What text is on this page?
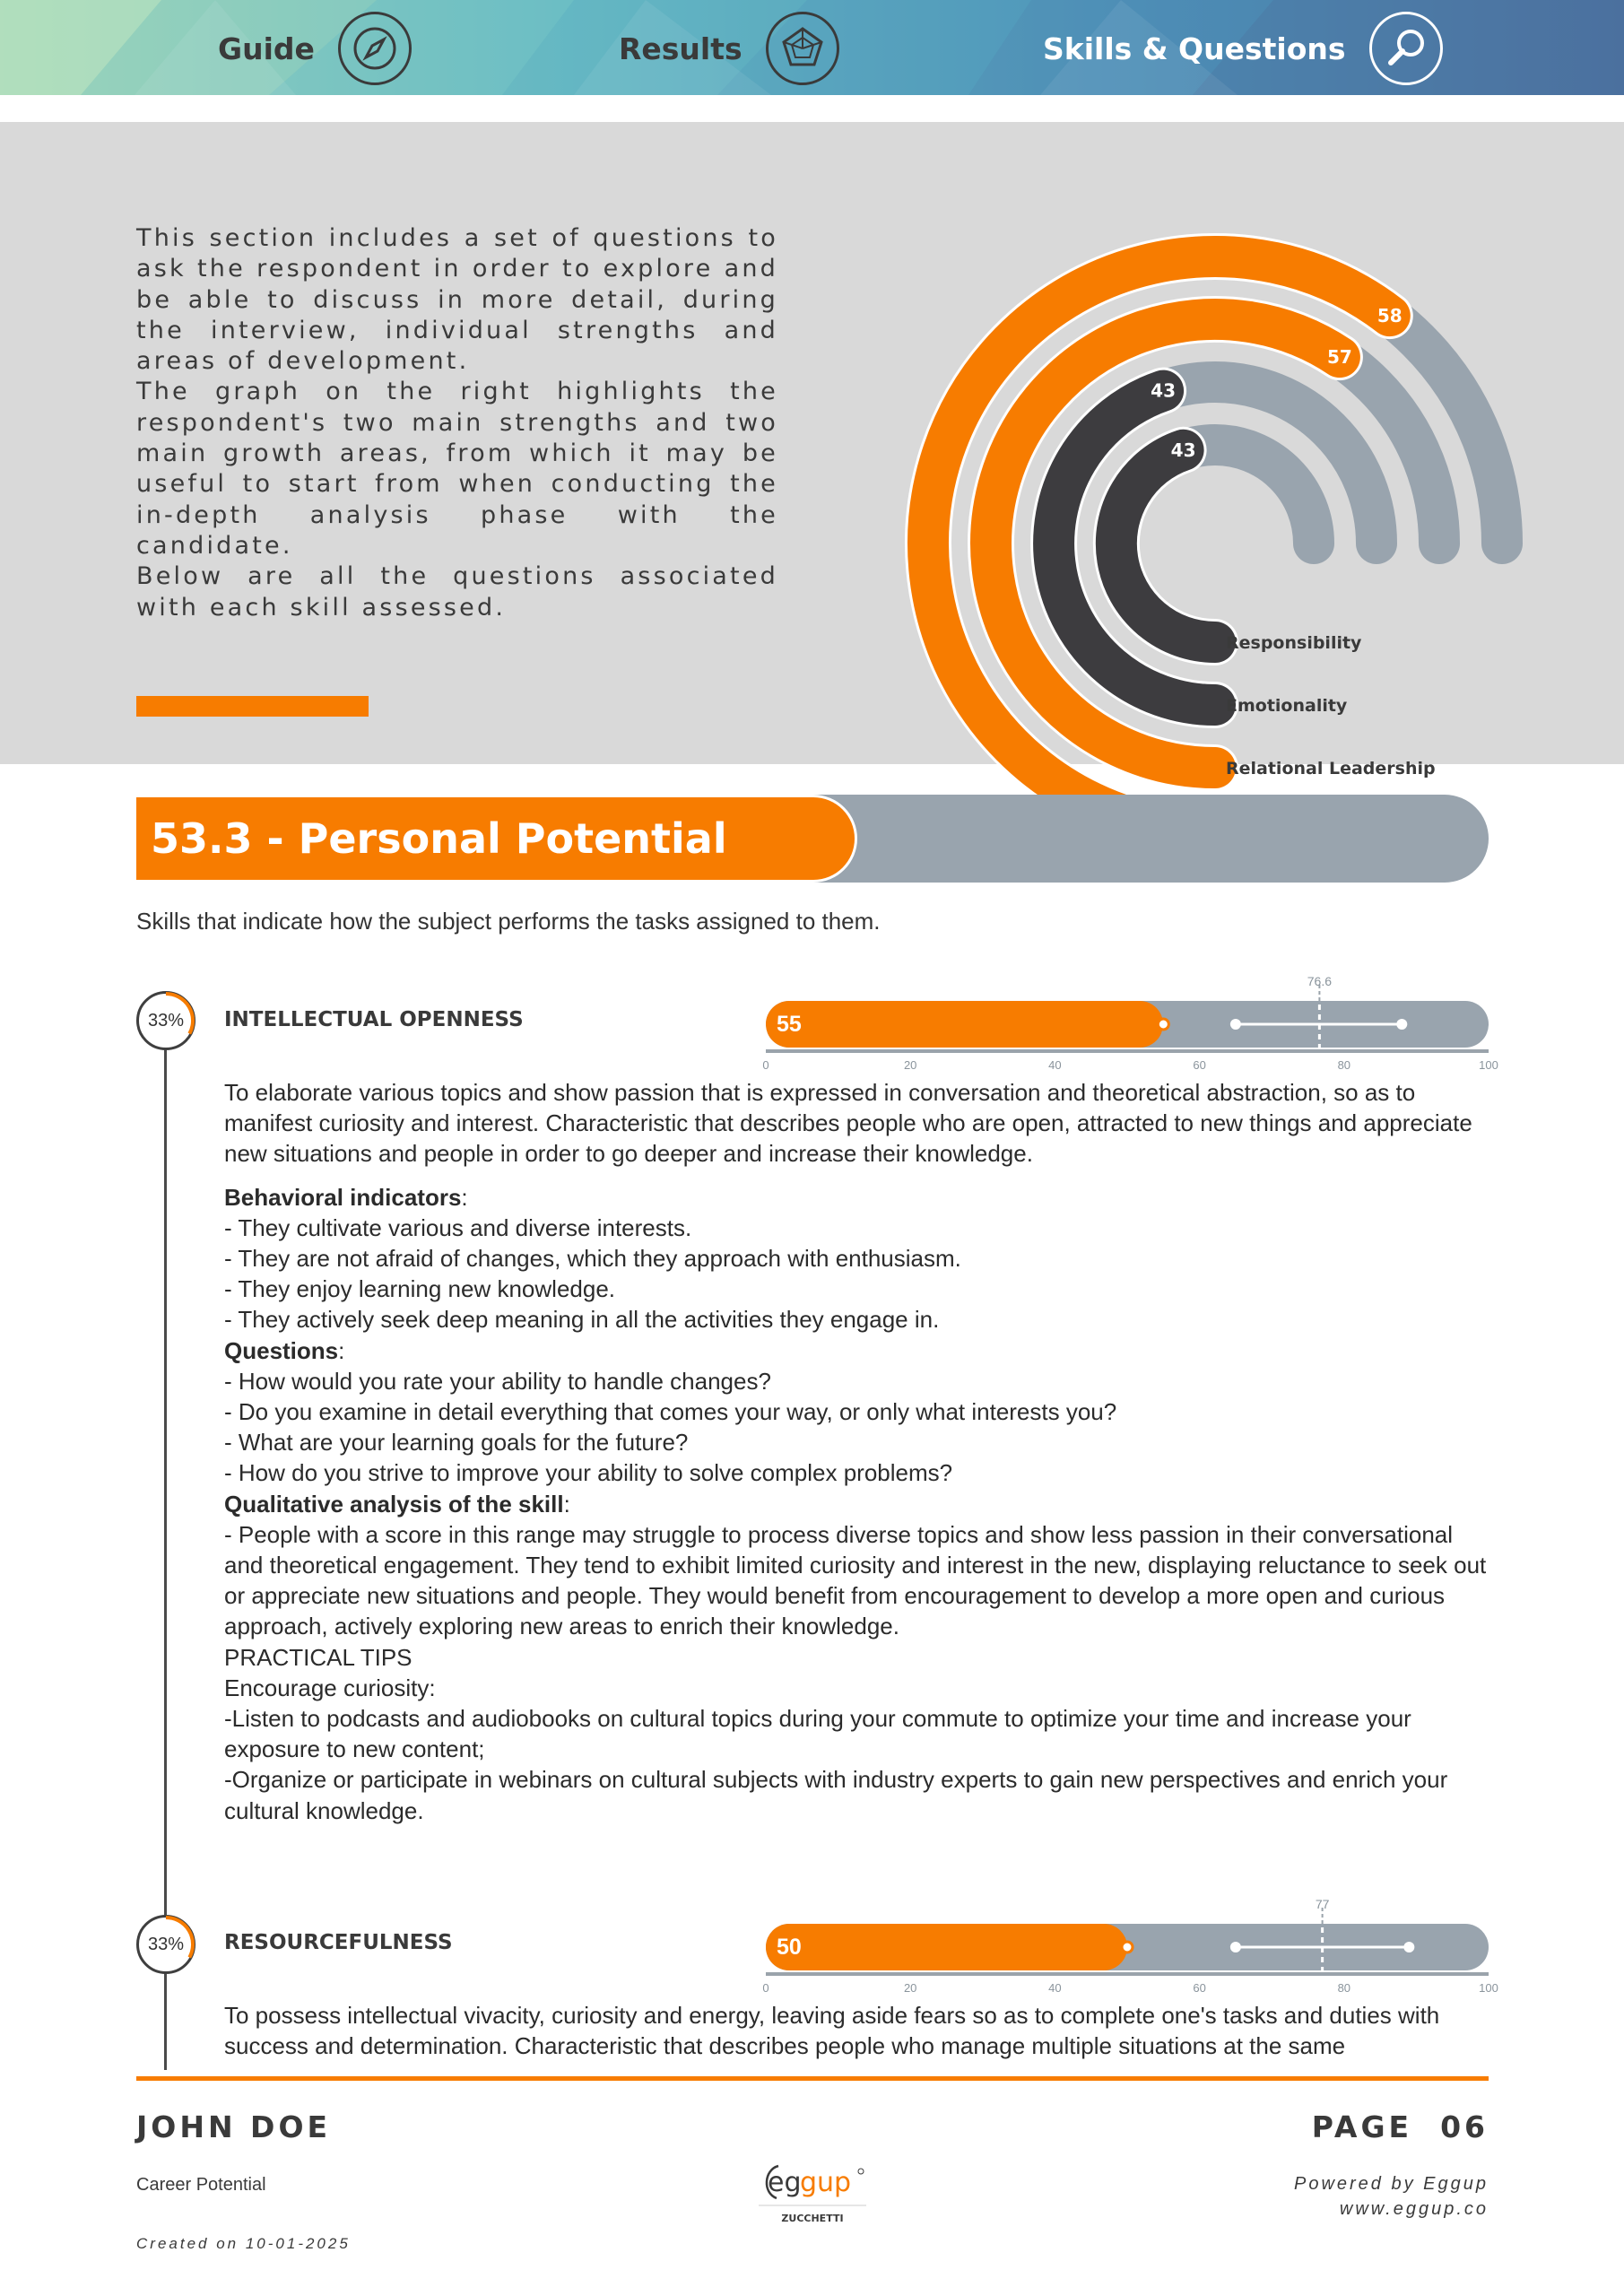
Guide	Results	Skills & Questions

This section includes a set of questions to ask the respondent in order to explore and be able to discuss in more detail, during the interview, individual strengths and areas of development.

The graph on the right highlights the respondent's two main strengths and two main growth areas, from which it may be useful to start from when conducting the in-depth analysis phase with the candidate.

Below are all the questions associated with each skill assessed.

58
57
Relational Leadership
43
Emotionality
43
Responsibility
53.3 - Personal Potential
Skills that indicate how the subject performs the tasks assigned to them.
33% INTELLECTUAL OPENNESS	55
0	20	40	60	80	100
76.6

To elaborate various topics and show passion that is expressed in conversation and theoretical abstraction, so as to manifest curiosity and interest. Characteristic that describes people who are open, attracted to new things and appreciate new situations and people in order to go deeper and increase their knowledge.

Behavioral indicators:

- They cultivate various and diverse interests.

- They are not afraid of changes, which they approach with enthusiasm.

- They enjoy learning new knowledge.

- They actively seek deep meaning in all the activities they engage in.

Questions:

- How would you rate your ability to handle changes?

- Do you examine in detail everything that comes your way, or only what interests you?

- What are your learning goals for the future?

- How do you strive to improve your ability to solve complex problems?

Qualitative analysis of the skill:

- People with a score in this range may struggle to process diverse topics and show less passion in their conversational and theoretical engagement. They tend to exhibit limited curiosity and interest in the new, displaying reluctance to seek out or appreciate new situations and people. They would benefit from encouragement to develop a more open and curious approach, actively exploring new areas to enrich their knowledge.

PRACTICAL TIPS

Encourage curiosity:

-Listen to podcasts and audiobooks on cultural topics during your commute to optimize your time and increase your exposure to new content;

-Organize or participate in webinars on cultural subjects with industry experts to gain new perspectives and enrich your cultural knowledge.

33% RESOURCEFULNESS	50
0	20	40	60	80	100
77

To possess intellectual vivacity, curiosity and energy, leaving aside fears so as to complete one's tasks and duties with success and determination. Characteristic that describes people who manage multiple situations at the same

JOHN DOE
Career Potential
Created on 10-01-2025
PAGE 06
Powered by Eggup
www.eggup.co
eg
gup
ZUCCHETTI
